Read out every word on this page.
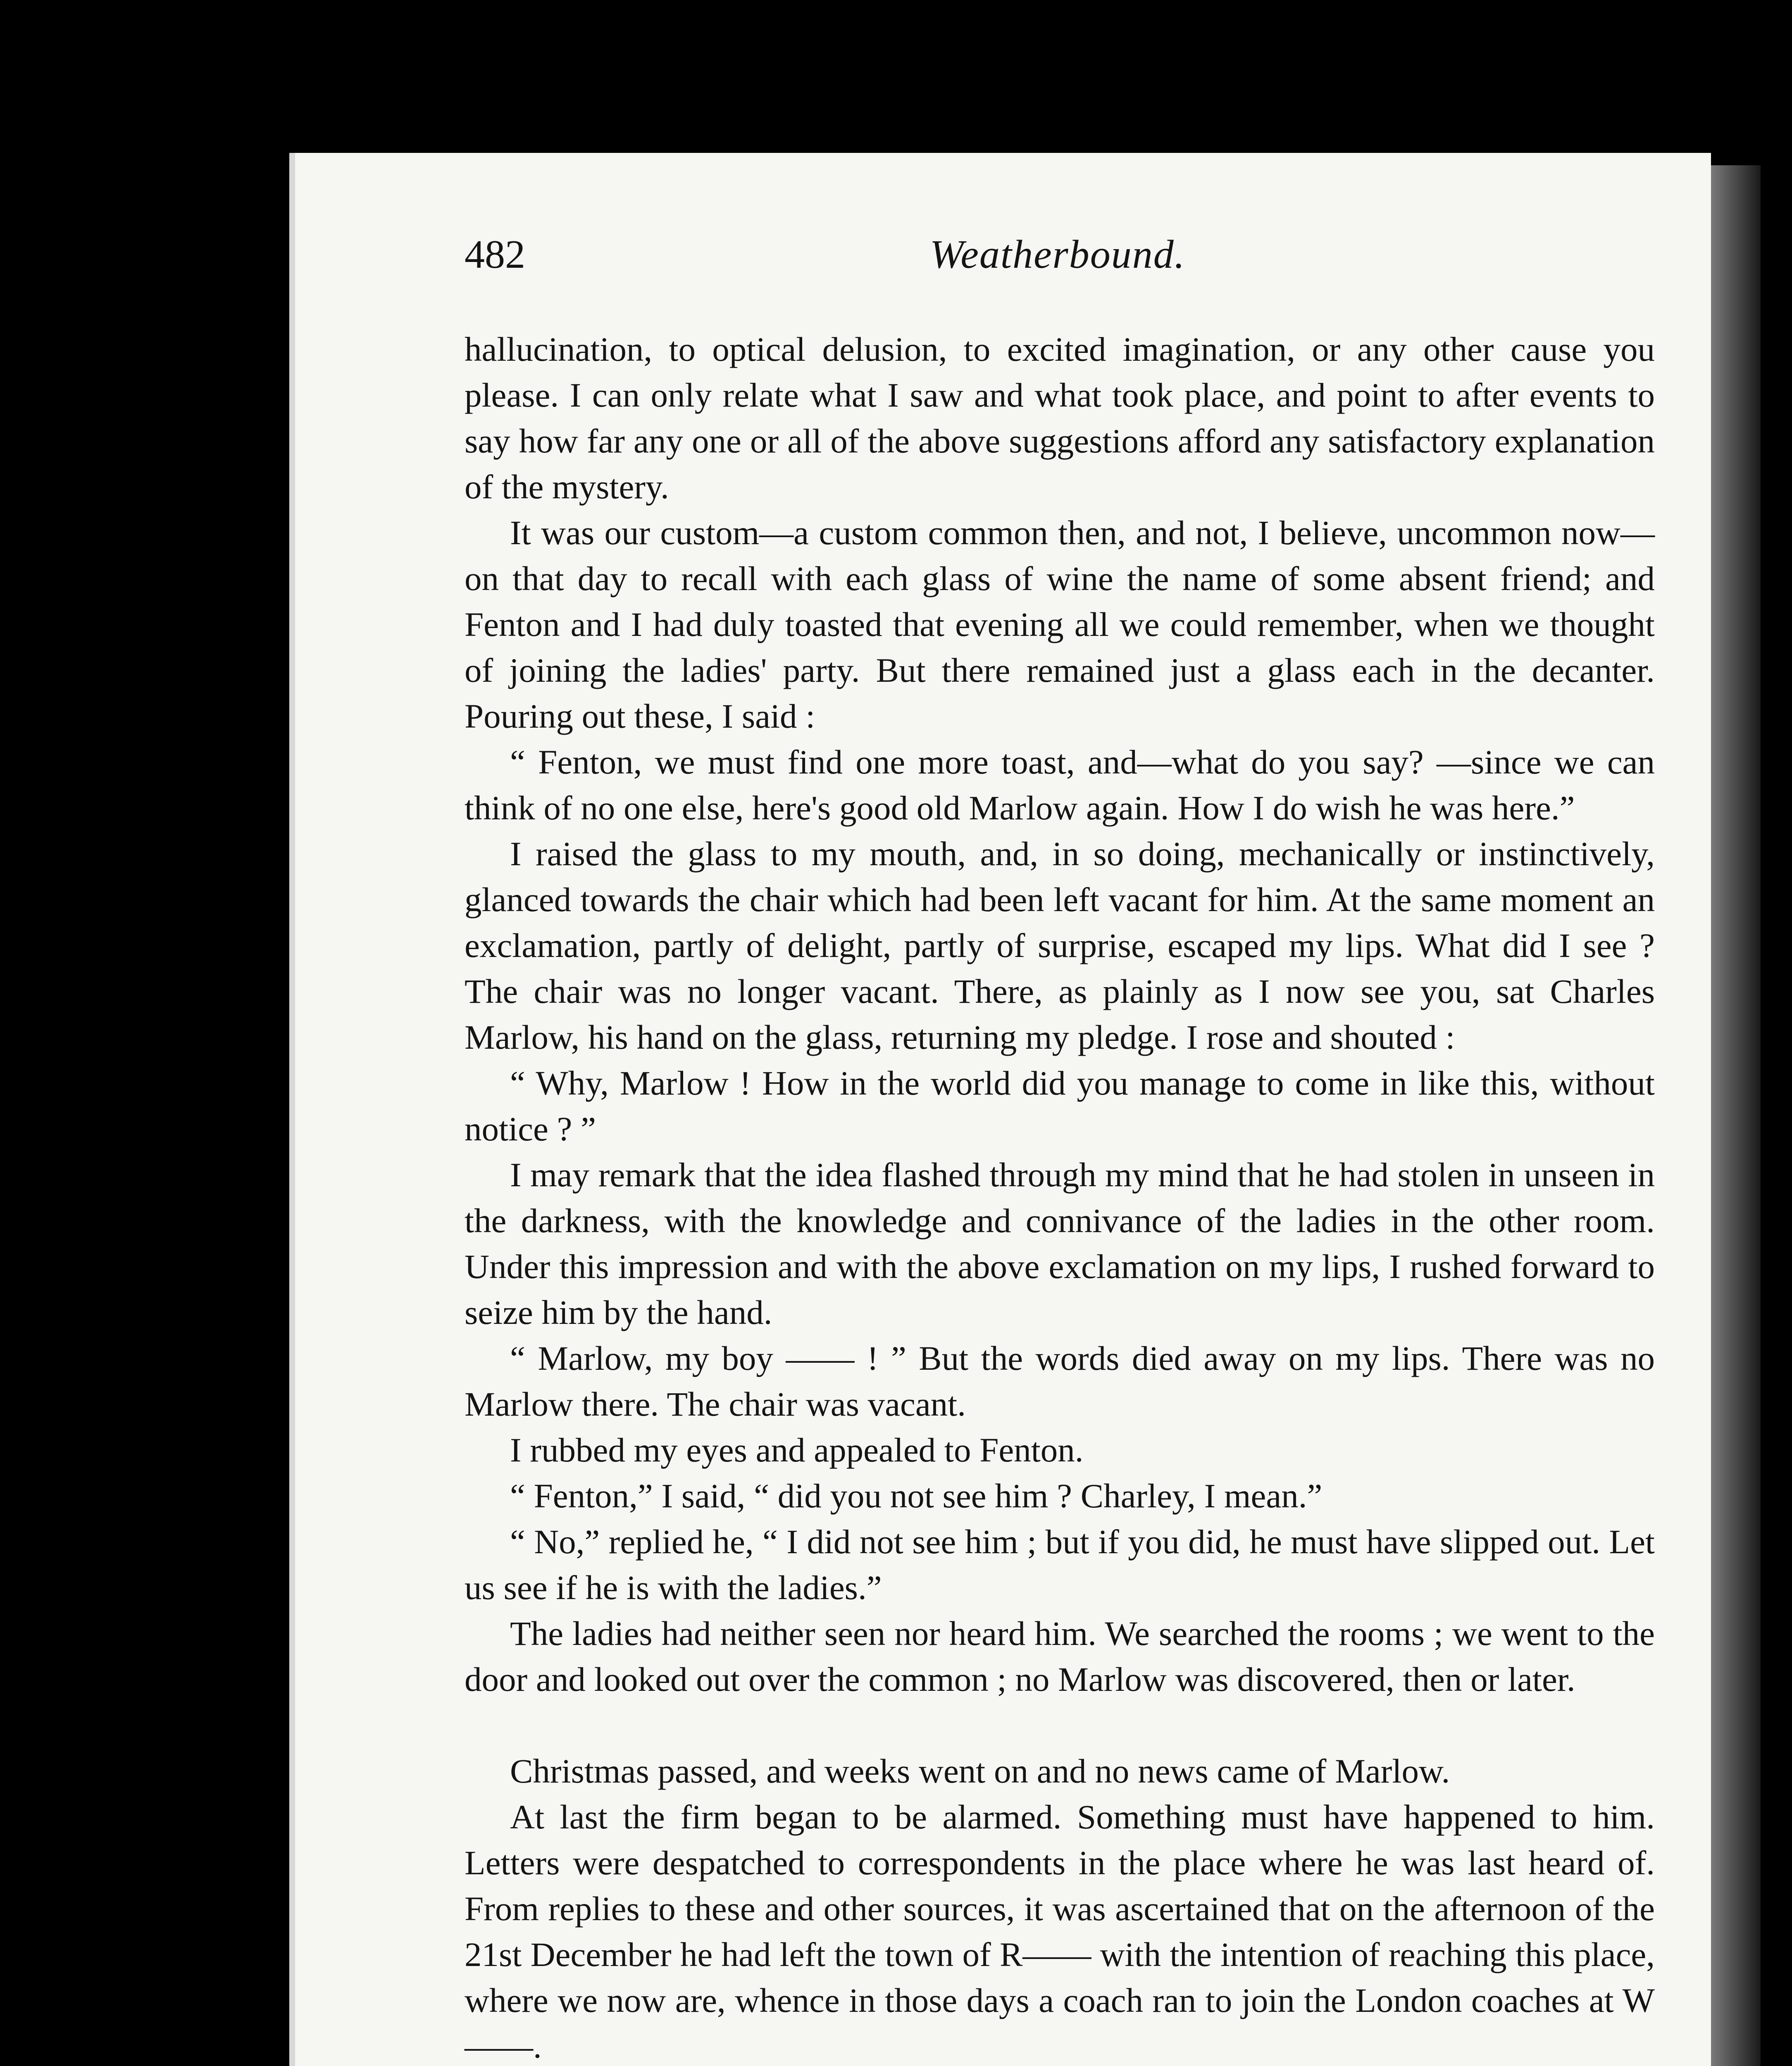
482	Weatherbound.

hallucination, to optical delusion, to excited imagination, or any other cause you please. I can only relate what I saw and what took place, and point to after events to say how far any one or all of the above suggestions afford any satisfactory explanation of the mystery.

It was our custom—a custom common then, and not, I believe, uncommon now—on that day to recall with each glass of wine the name of some absent friend; and Fenton and I had duly toasted that evening all we could remember, when we thought of joining the ladies' party. But there remained just a glass each in the decanter. Pouring out these, I said :

“ Fenton, we must find one more toast, and—what do you say? —since we can think of no one else, here's good old Marlow again. How I do wish he was here.”

I raised the glass to my mouth, and, in so doing, mechanically or instinctively, glanced towards the chair which had been left vacant for him. At the same moment an exclamation, partly of delight, partly of surprise, escaped my lips. What did I see ? The chair was no longer vacant. There, as plainly as I now see you, sat Charles Marlow, his hand on the glass, returning my pledge. I rose and shouted :

“ Why, Marlow ! How in the world did you manage to come in like this, without notice ? ”

I may remark that the idea flashed through my mind that he had stolen in unseen in the darkness, with the knowledge and connivance of the ladies in the other room. Under this impression and with the above exclamation on my lips, I rushed forward to seize him by the hand.

“ Marlow, my boy —— ! ” But the words died away on my lips. There was no Marlow there. The chair was vacant.

I rubbed my eyes and appealed to Fenton.

“ Fenton,” I said, “ did you not see him ? Charley, I mean.”

“ No,” replied he, “ I did not see him ; but if you did, he must have slipped out. Let us see if he is with the ladies.”

The ladies had neither seen nor heard him. We searched the rooms ; we went to the door and looked out over the common ; no Marlow was discovered, then or later.

Christmas passed, and weeks went on and no news came of Marlow.

At last the firm began to be alarmed. Something must have happened to him. Letters were despatched to correspondents in the place where he was last heard of. From replies to these and other sources, it was ascertained that on the afternoon of the 21st December he had left the town of R—— with the intention of reaching this place, where we now are, whence in those days a coach ran to join the London coaches at W——.
